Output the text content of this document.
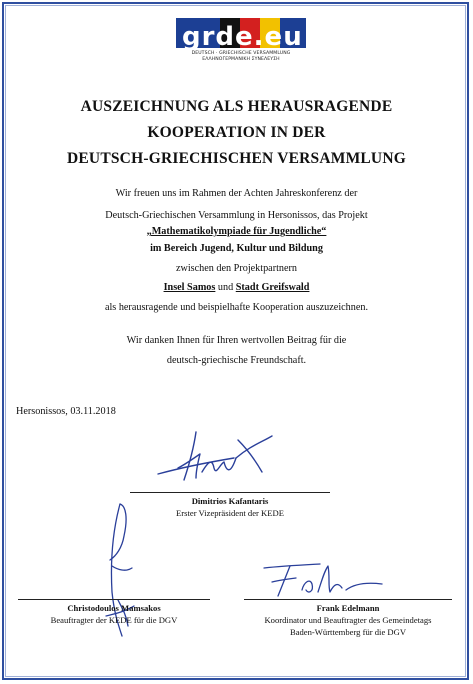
grde.eu
DEUTSCH · GRIECHISCHE VERSAMMLUNG
ΕΛΛΗΝΟΓΕΡΜΑΝΙΚΗ ΣΥΝΕΛΕΥΣΗ
AUSZEICHNUNG ALS HERAUSRAGENDE
KOOPERATION IN DER
DEUTSCH-GRIECHISCHEN VERSAMMLUNG
Wir freuen uns im Rahmen der Achten Jahreskonferenz der
Deutsch-Griechischen Versammlung in Hersonissos, das Projekt
„Mathematikolympiade für Jugendliche“
im Bereich Jugend, Kultur und Bildung
zwischen den Projektpartnern
Insel Samos und Stadt Greifswald
als herausragende und beispielhafte Kooperation auszuzeichnen.
Wir danken Ihnen für Ihren wertvollen Beitrag für die
deutsch-griechische Freundschaft.
Hersonissos, 03.11.2018
Dimitrios Kafantaris
Erster Vizepräsident der KEDE
Christodoulos Mamsakos
Beauftragter der KEDE für die DGV
Frank Edelmann
Koordinator und Beauftragter des Gemeindetags
Baden-Württemberg für die DGV
